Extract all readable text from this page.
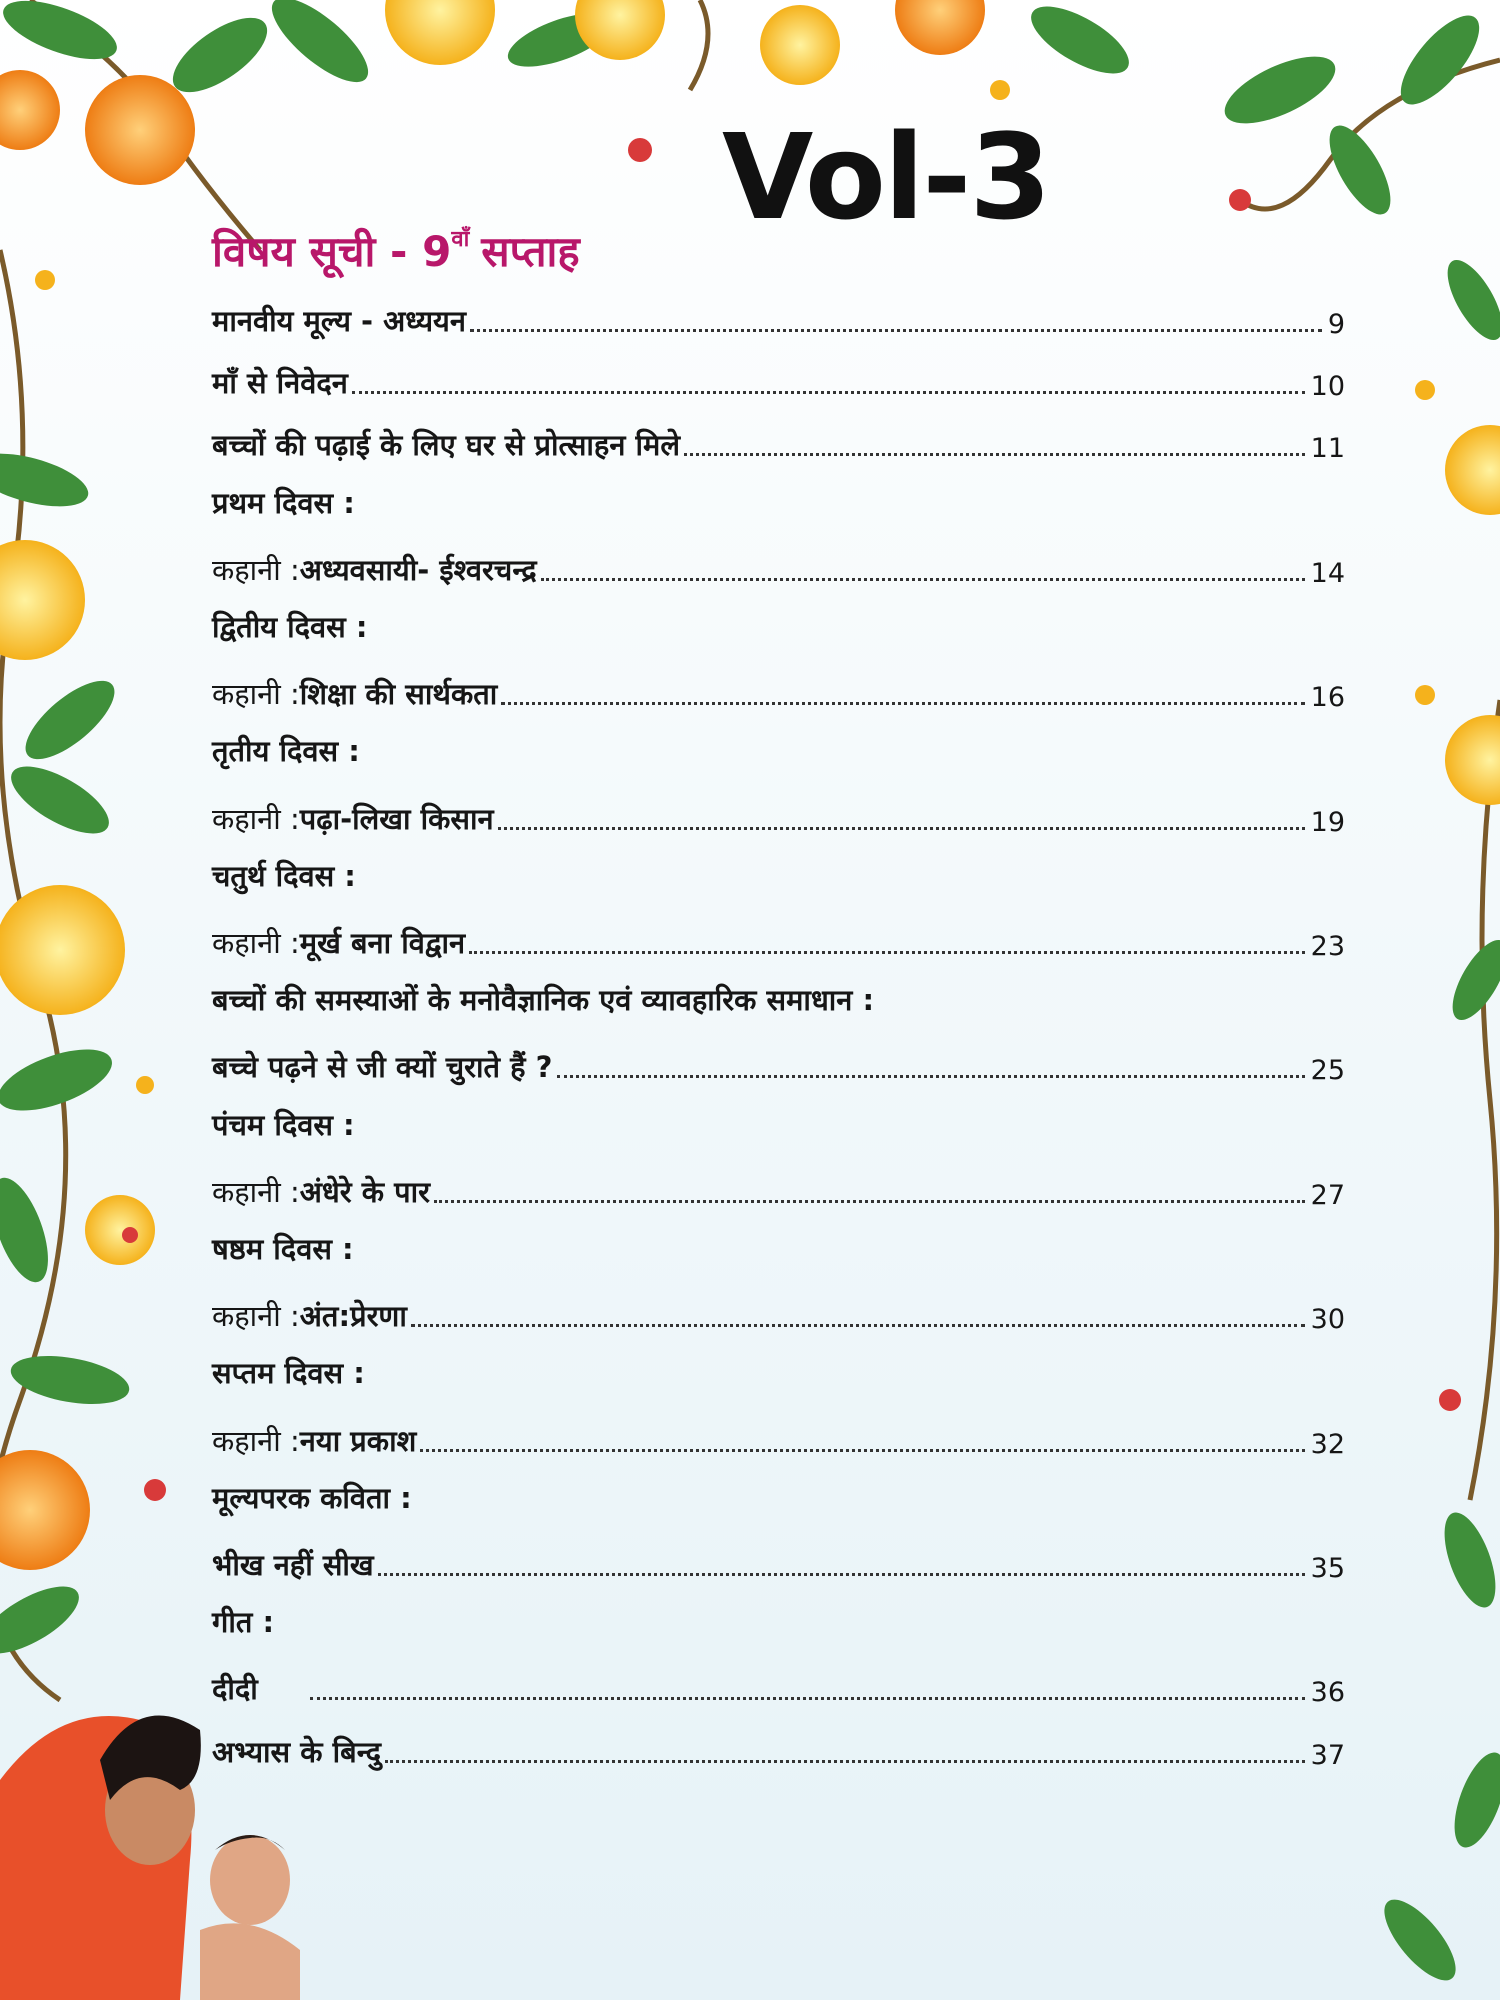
Vol-3
विषय सूची - $9^{वाँ}$ सप्ताह
मानवीय मूल्य - अध्ययन	9
माँ से निवेदन	10
बच्चों की पढ़ाई के लिए घर से प्रोत्साहन मिले	11
प्रथम दिवस :
कहानी : अध्यवसायी- ईश्वरचन्द्र	14
द्वितीय दिवस :
कहानी : शिक्षा की सार्थकता	16
तृतीय दिवस :
कहानी : पढ़ा-लिखा किसान	19
चतुर्थ दिवस :
कहानी : मूर्ख बना विद्वान	23
बच्चों की समस्याओं के मनोवैज्ञानिक एवं व्यावहारिक समाधान :
बच्चे पढ़ने से जी क्यों चुराते हैं ?	25
पंचम दिवस :
कहानी : अंधेरे के पार	27
षष्ठम दिवस :
कहानी : अंत:प्रेरणा	30
सप्तम दिवस :
कहानी : नया प्रकाश	32
मूल्यपरक कविता :
भीख नहीं सीख	35
गीत :
दीदी	36
अभ्यास के बिन्दु	37
